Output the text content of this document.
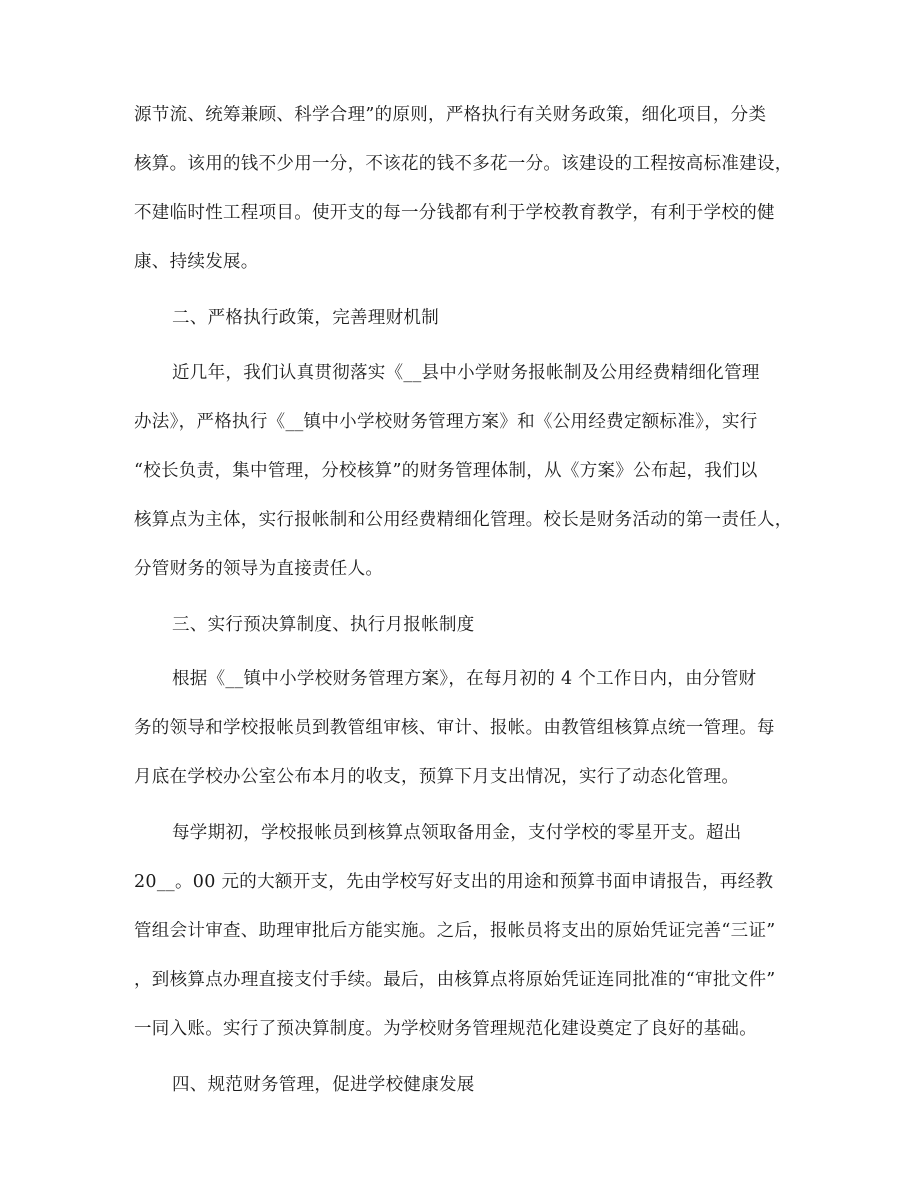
源节流、统筹兼顾、科学合理”的原则，严格执行有关财务政策，细化项目，分类
核算。该用的钱不少用一分，不该花的钱不多花一分。该建设的工程按高标准建设，
不建临时性工程项目。使开支的每一分钱都有利于学校教育教学，有利于学校的健
康、持续发展。
二、严格执行政策，完善理财机制
近几年，我们认真贯彻落实《__县中小学财务报帐制及公用经费精细化管理
办法》，严格执行《__镇中小学校财务管理方案》和《公用经费定额标准》，实行
“校长负责，集中管理，分校核算”的财务管理体制，从《方案》公布起，我们以
核算点为主体，实行报帐制和公用经费精细化管理。校长是财务活动的第一责任人，
分管财务的领导为直接责任人。
三、实行预决算制度、执行月报帐制度
根据《__镇中小学校财务管理方案》，在每月初的 4 个工作日内，由分管财
务的领导和学校报帐员到教管组审核、审计、报帐。由教管组核算点统一管理。每
月底在学校办公室公布本月的收支，预算下月支出情况，实行了动态化管理。
每学期初，学校报帐员到核算点领取备用金，支付学校的零星开支。超出
20__。00 元的大额开支，先由学校写好支出的用途和预算书面申请报告，再经教
管组会计审查、助理审批后方能实施。之后，报帐员将支出的原始凭证完善“三证”
，到核算点办理直接支付手续。最后，由核算点将原始凭证连同批准的“审批文件”
一同入账。实行了预决算制度。为学校财务管理规范化建设奠定了良好的基础。
四、规范财务管理，促进学校健康发展
